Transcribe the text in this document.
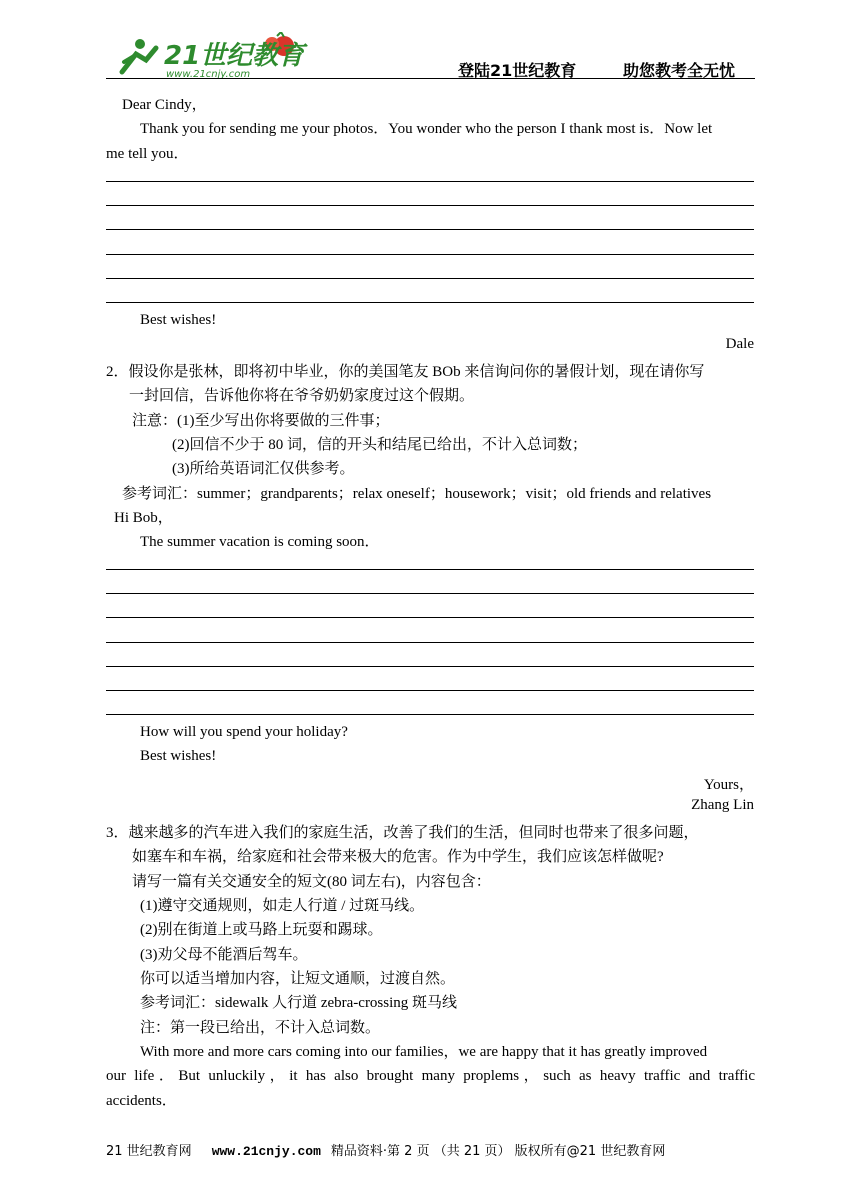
21世纪教育
www.21cnjy.com	登陆21世纪教育	助您教考全无忧
Dear Cindy，
Thank you for sending me your photos．You wonder who the person I thank most is．Now let
me tell you．
Best wishes!
Dale
2．假设你是张林，即将初中毕业，你的美国笔友 BOb 来信询问你的暑假计划，现在请你写
一封回信，告诉他你将在爷爷奶奶家度过这个假期。
注意：(1)至少写出你将要做的三件事；
(2)回信不少于 80 词，信的开头和结尾已给出，不计入总词数；
(3)所给英语词汇仅供参考。
参考词汇：summer；grandparents；relax oneself；housework；visit；old friends and relatives
Hi Bob，
The summer vacation is coming soon．
How will you spend your holiday?
Best wishes!
Yours，
Zhang Lin
3．越来越多的汽车进入我们的家庭生活，改善了我们的生活，但同时也带来了很多问题，
如塞车和车祸，给家庭和社会带来极大的危害。作为中学生，我们应该怎样做呢?
请写一篇有关交通安全的短文(80 词左右)，内容包含：
(1)遵守交通规则，如走人行道 / 过斑马线。
(2)别在街道上或马路上玩耍和踢球。
(3)劝父母不能酒后驾车。
你可以适当增加内容，让短文通顺，过渡自然。
参考词汇：sidewalk 人行道 zebra-crossing 斑马线
注：第一段已给出，不计入总词数。
With more and more cars coming into our families，we are happy that it has greatly improved
our life．But unluckily，it has also brought many proplems，such as heavy traffic and traffic
accidents．
21 世纪教育网 www.21cnjy.com 精品资料·第 2 页 （共 21 页） 版权所有@21 世纪教育网
